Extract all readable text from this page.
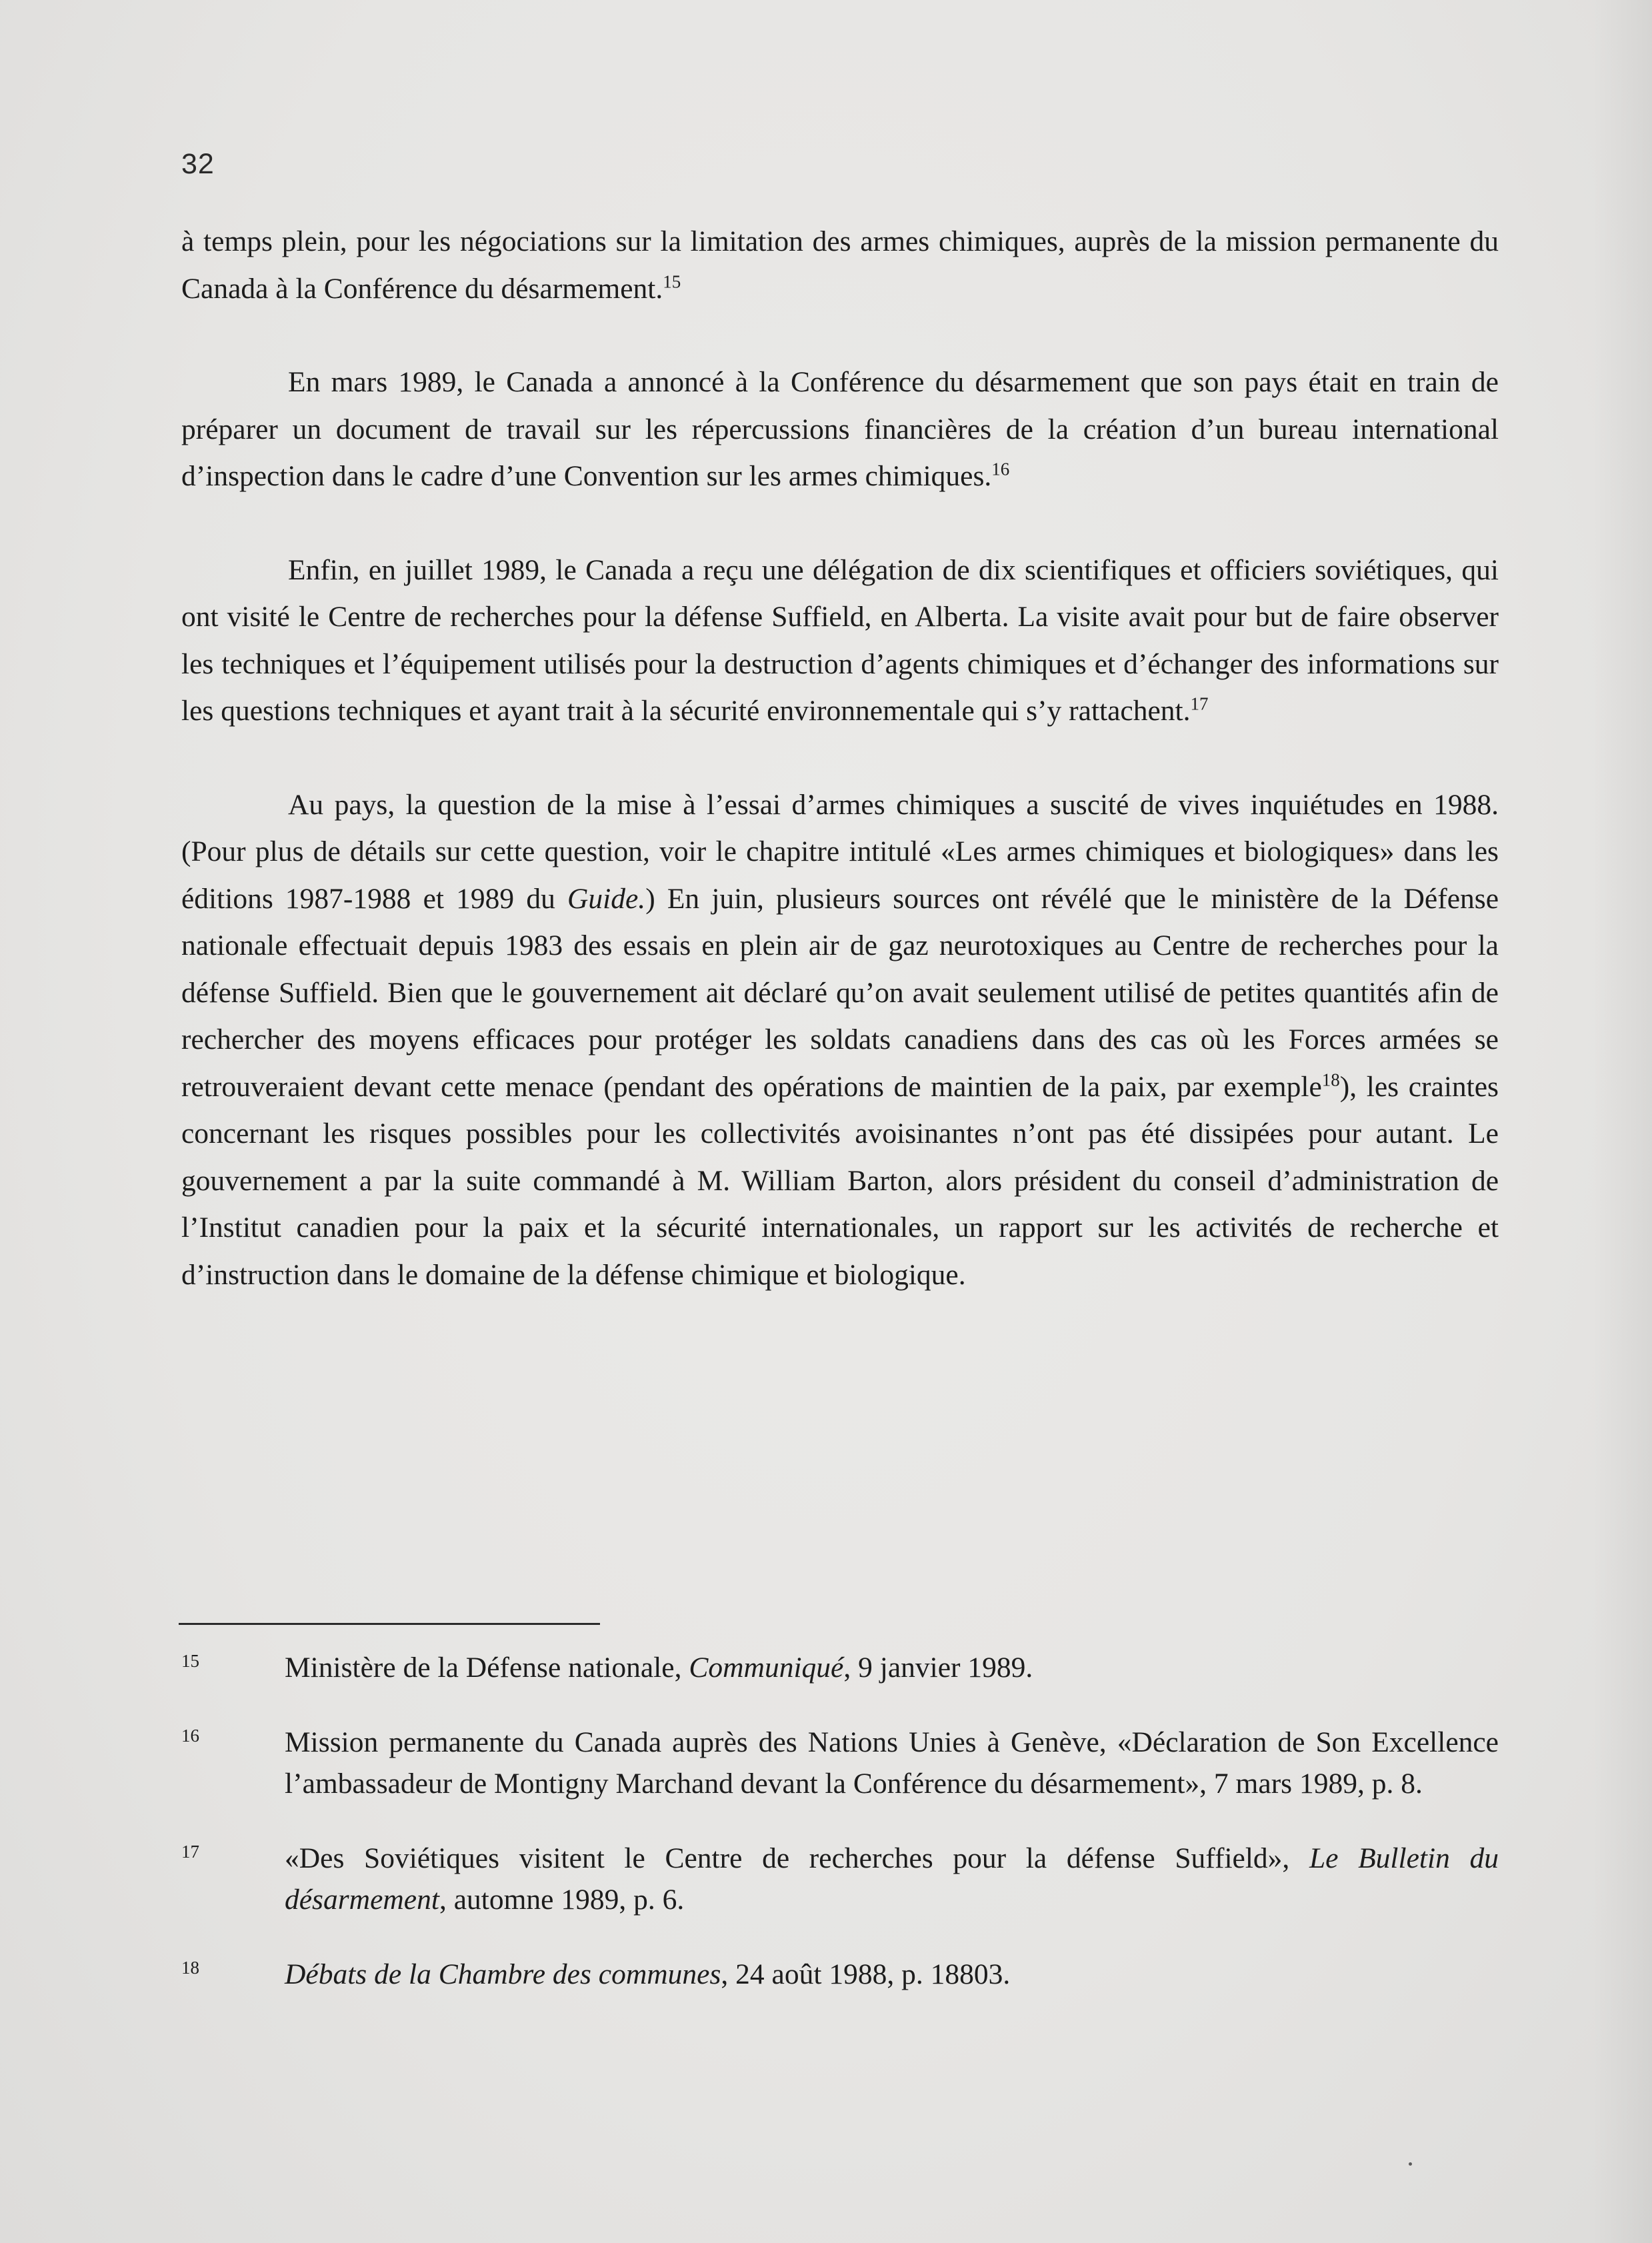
32

à temps plein, pour les négociations sur la limitation des armes chimiques, auprès de la mission permanente du Canada à la Conférence du désarmement.$^{15}$

En mars 1989, le Canada a annoncé à la Conférence du désarmement que son pays était en train de préparer un document de travail sur les répercussions financières de la création d’un bureau international d’inspection dans le cadre d’une Convention sur les armes chimiques.$^{16}$

Enfin, en juillet 1989, le Canada a reçu une délégation de dix scientifiques et officiers soviétiques, qui ont visité le Centre de recherches pour la défense Suffield, en Alberta. La visite avait pour but de faire observer les techniques et l’équipement utilisés pour la destruction d’agents chimiques et d’échanger des informations sur les questions techniques et ayant trait à la sécurité environnementale qui s’y rattachent.$^{17}$

Au pays, la question de la mise à l’essai d’armes chimiques a suscité de vives inquiétudes en 1988. (Pour plus de détails sur cette question, voir le chapitre intitulé «Les armes chimiques et biologiques» dans les éditions 1987-1988 et 1989 du Guide.) En juin, plusieurs sources ont révélé que le ministère de la Défense nationale effectuait depuis 1983 des essais en plein air de gaz neurotoxiques au Centre de recherches pour la défense Suffield. Bien que le gouvernement ait déclaré qu’on avait seulement utilisé de petites quantités afin de rechercher des moyens efficaces pour protéger les soldats canadiens dans des cas où les Forces armées se retrouveraient devant cette menace (pendant des opérations de maintien de la paix, par exemple$^{18}$), les craintes concernant les risques possibles pour les collectivités avoisinantes n’ont pas été dissipées pour autant. Le gouvernement a par la suite commandé à M. William Barton, alors président du conseil d’administration de l’Institut canadien pour la paix et la sécurité internationales, un rapport sur les activités de recherche et d’instruction dans le domaine de la défense chimique et biologique.

15	Ministère de la Défense nationale, Communiqué, 9 janvier 1989.

16	Mission permanente du Canada auprès des Nations Unies à Genève, «Déclaration de Son Excellence l’ambassadeur de Montigny Marchand devant la Conférence du désarmement», 7 mars 1989, p. 8.

17	«Des Soviétiques visitent le Centre de recherches pour la défense Suffield», Le Bulletin du désarmement, automne 1989, p. 6.

18	Débats de la Chambre des communes, 24 août 1988, p. 18803.
